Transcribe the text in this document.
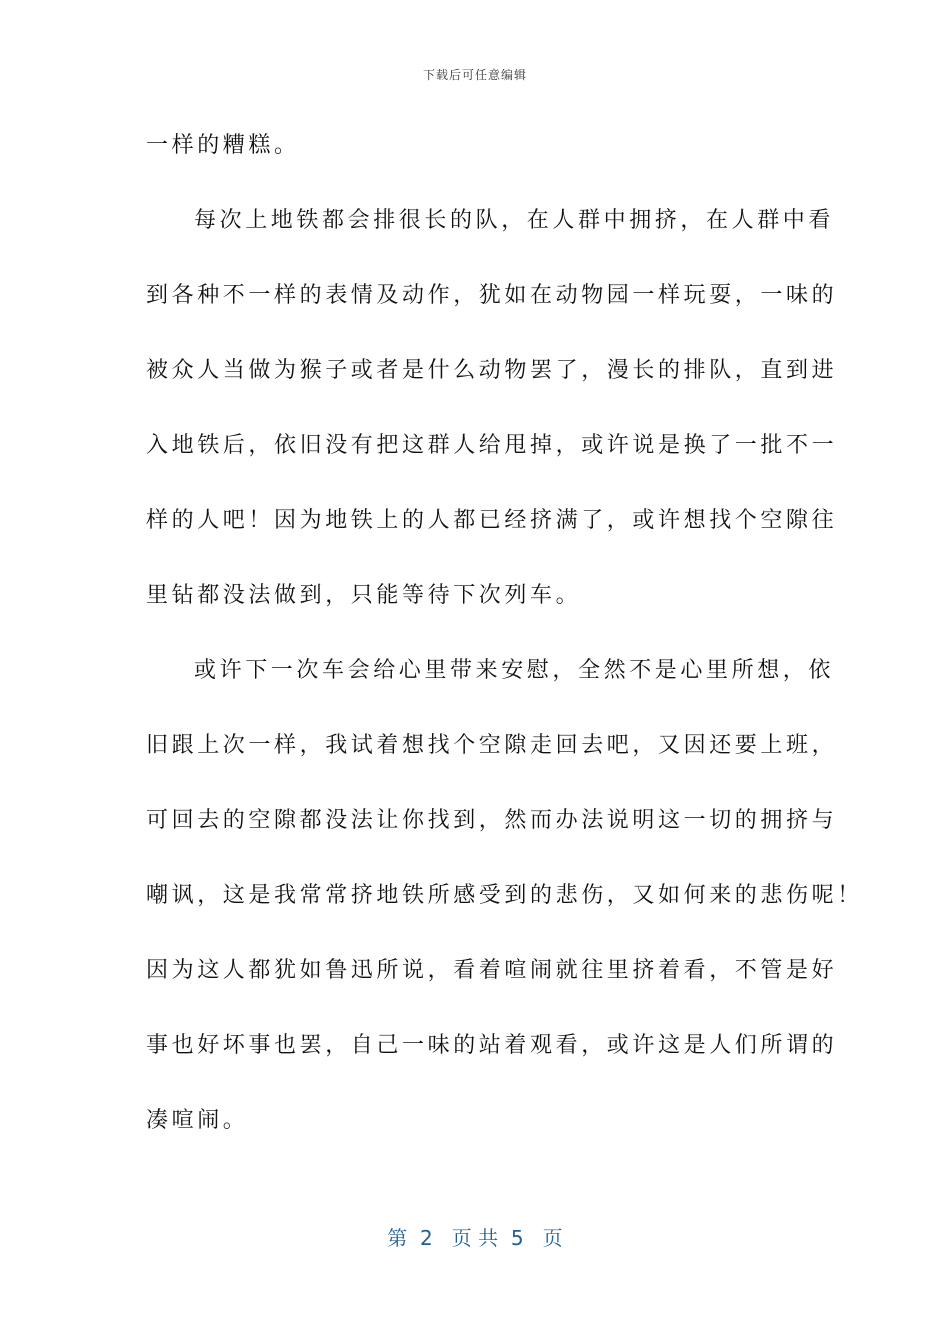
下载后可任意编辑
一样的糟糕。
每次上地铁都会排很长的队，在人群中拥挤，在人群中看
到各种不一样的表情及动作，犹如在动物园一样玩耍，一味的
被众人当做为猴子或者是什么动物罢了，漫长的排队，直到进
入地铁后，依旧没有把这群人给甩掉，或许说是换了一批不一
样的人吧！因为地铁上的人都已经挤满了，或许想找个空隙往
里钻都没法做到，只能等待下次列车。
或许下一次车会给心里带来安慰，全然不是心里所想，依
旧跟上次一样，我试着想找个空隙走回去吧，又因还要上班，
可回去的空隙都没法让你找到，然而办法说明这一切的拥挤与
嘲讽，这是我常常挤地铁所感受到的悲伤，又如何来的悲伤呢！
因为这人都犹如鲁迅所说，看着喧闹就往里挤着看，不管是好
事也好坏事也罢，自己一味的站着观看，或许这是人们所谓的
凑喧闹。
第  2   页 共  5   页
